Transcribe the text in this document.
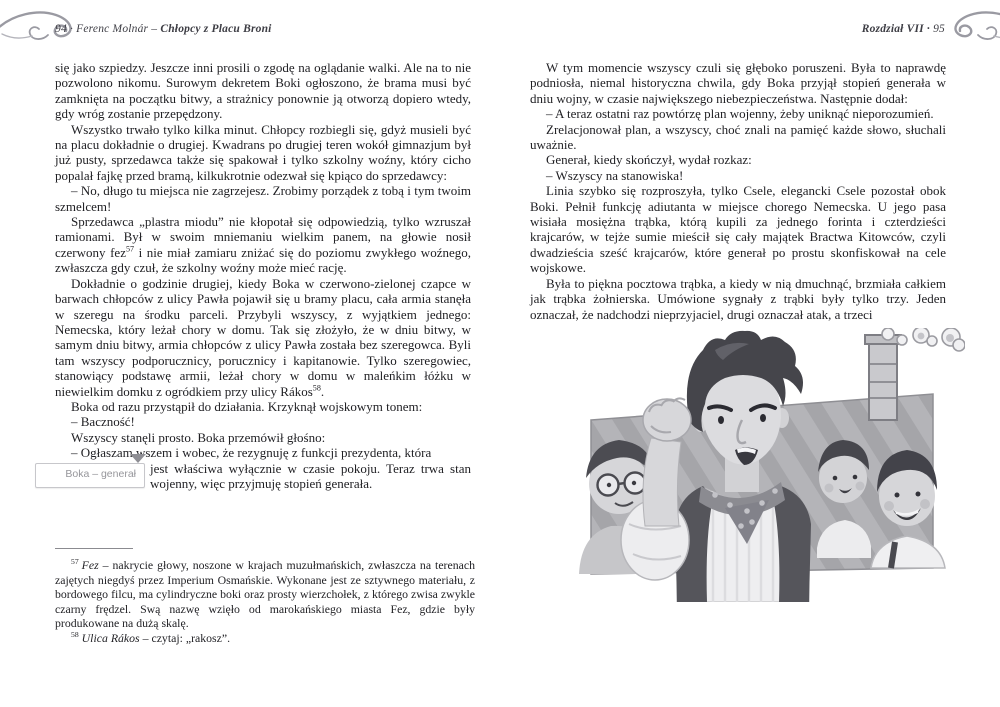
94 · Ferenc Molnár – Chłopcy z Placu Broni	Rozdział VII · 95

się jako szpiedzy. Jeszcze inni prosili o zgodę na oglądanie walki. Ale na to nie pozwolono nikomu. Surowym dekretem Boki ogłoszono, że brama musi być zamknięta na początku bitwy, a strażnicy ponownie ją otworzą dopiero wtedy, gdy wróg zostanie przepędzony.

Wszystko trwało tylko kilka minut. Chłopcy rozbiegli się, gdyż musieli być na placu dokładnie o drugiej. Kwadrans po drugiej teren wokół gimnazjum był już pusty, sprzedawca także się spakował i tylko szkolny woźny, który cicho popalał fajkę przed bramą, kilkukrotnie odezwał się kpiąco do sprzedawcy:

– No, długo tu miejsca nie zagrzejesz. Zrobimy porządek z tobą i tym twoim szmelcem!

Sprzedawca „plastra miodu” nie kłopotał się odpowiedzią, tylko wzruszał ramionami. Był w swoim mniemaniu wielkim panem, na głowie nosił czerwony fez$^{57}$ i nie miał zamiaru zniżać się do poziomu zwykłego woźnego, zwłaszcza gdy czuł, że szkolny woźny może mieć rację.

Dokładnie o godzinie drugiej, kiedy Boka w czerwono-zielonej czapce w barwach chłopców z ulicy Pawła pojawił się u bramy placu, cała armia stanęła w szeregu na środku parceli. Przybyli wszyscy, z wyjątkiem jednego: Nemecska, który leżał chory w domu. Tak się złożyło, że w dniu bitwy, w samym dniu bitwy, armia chłopców z ulicy Pawła została bez szeregowca. Byli tam wszyscy podporucznicy, porucznicy i kapitanowie. Tylko szeregowiec, stanowiący podstawę armii, leżał chory w domu w maleńkim łóżku w niewielkim domku z ogródkiem przy ulicy Rákos$^{58}$.

Boka od razu przystąpił do działania. Krzyknął wojskowym tonem:

– Baczność!

Wszyscy stanęli prosto. Boka przemówił głośno:

– Ogłaszam wszem i wobec, że rezygnuję z funkcji prezydenta, która
Boka – generał jest właściwa wyłącznie w czasie pokoju. Teraz trwa stan wojenny, więc przyjmuję stopień generała.

$^{57}$ Fez – nakrycie głowy, noszone w krajach muzułmańskich, zwłaszcza na terenach zajętych niegdyś przez Imperium Osmańskie. Wykonane jest ze sztywnego materiału, z bordowego filcu, ma cylindryczne boki oraz prosty wierzchołek, z którego zwisa zwykle czarny frędzel. Swą nazwę wzięło od marokańskiego miasta Fez, gdzie były produkowane na dużą skalę.

$^{58}$ Ulica Rákos – czytaj: „rakosz”.

W tym momencie wszyscy czuli się głęboko poruszeni. Była to naprawdę podniosła, niemal historyczna chwila, gdy Boka przyjął stopień generała w dniu wojny, w czasie największego niebezpieczeństwa. Następnie dodał:

– A teraz ostatni raz powtórzę plan wojenny, żeby uniknąć nieporozumień.

Zrelacjonował plan, a wszyscy, choć znali na pamięć każde słowo, słuchali uważnie.

Generał, kiedy skończył, wydał rozkaz:

– Wszyscy na stanowiska!

Linia szybko się rozproszyła, tylko Csele, elegancki Csele pozostał obok Boki. Pełnił funkcję adiutanta w miejsce chorego Nemecska. U jego pasa wisiała mosiężna trąbka, którą kupili za jednego forinta i czterdzieści krajcarów, w tejże sumie mieścił się cały majątek Bractwa Kitowców, czyli dwadzieścia sześć krajcarów, które generał po prostu skonfiskował na cele wojskowe.

Była to piękna pocztowa trąbka, a kiedy w nią dmuchnąć, brzmiała całkiem jak trąbka żołnierska. Umówione sygnały z trąbki były tylko trzy. Jeden oznaczał, że nadchodzi nieprzyjaciel, drugi oznaczał atak, a trzeci
